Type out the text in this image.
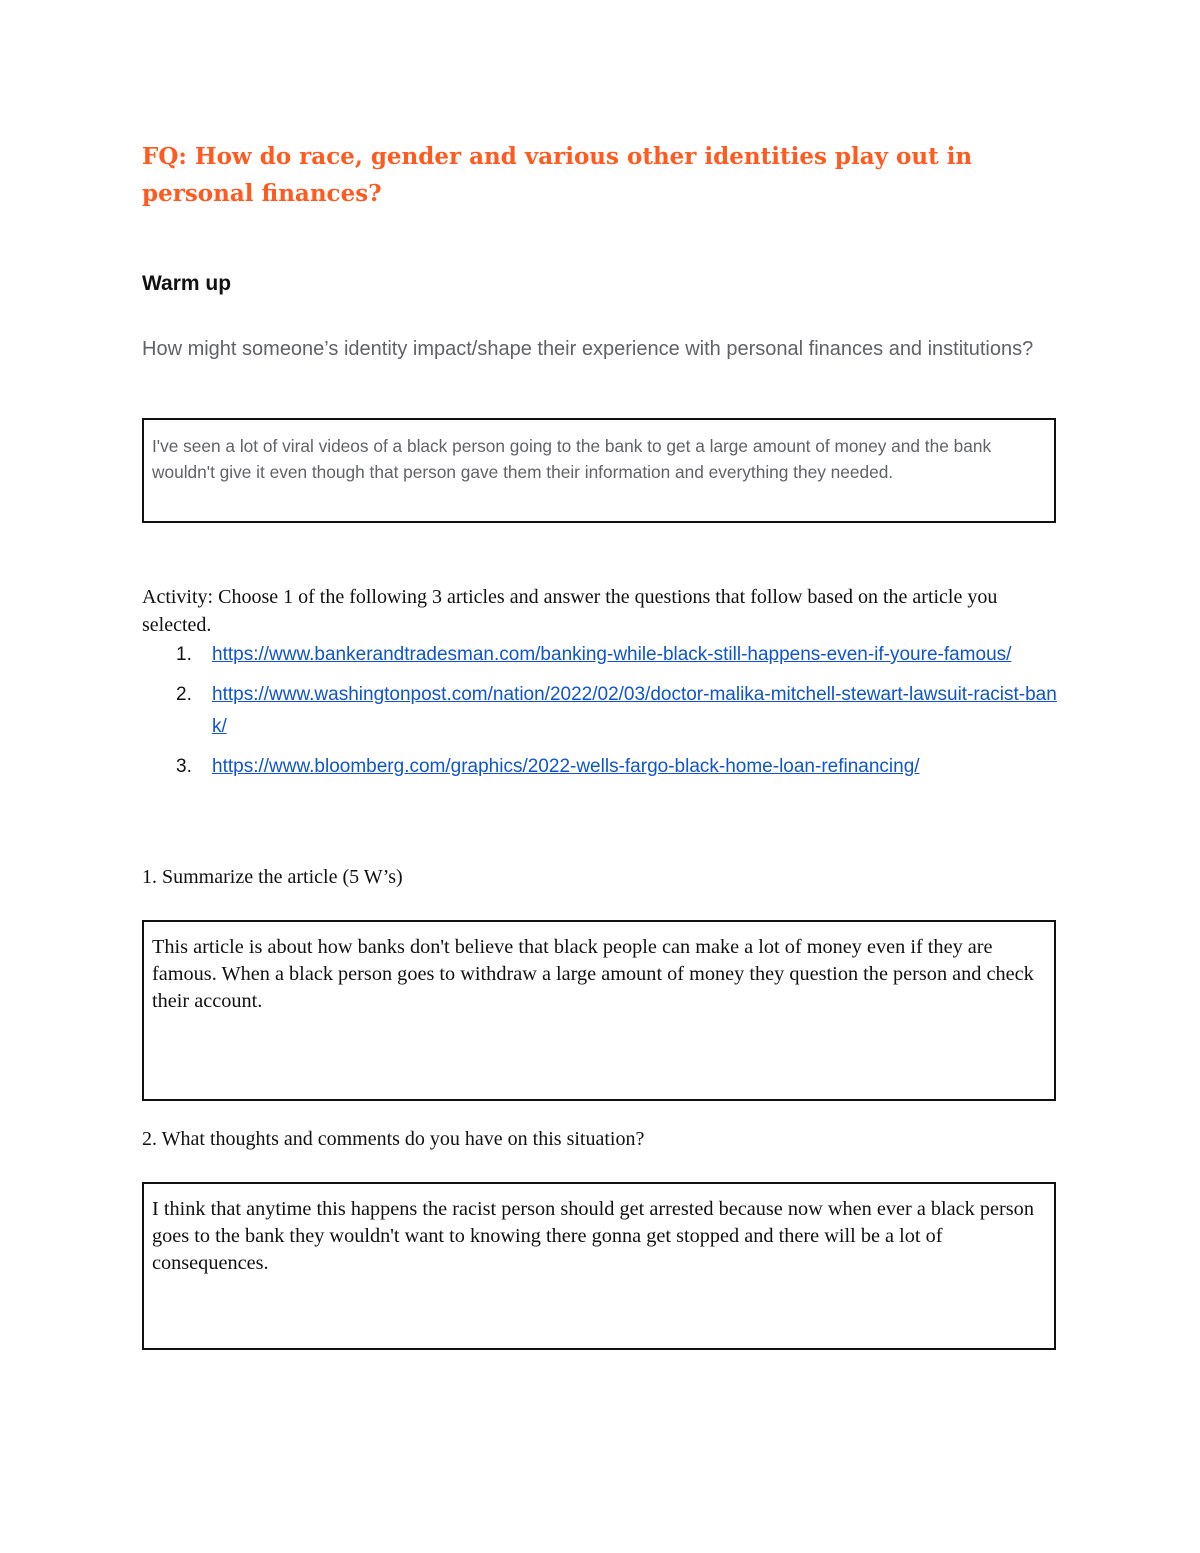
FQ: How do race, gender and various other identities play out in personal finances?
Warm up

How might someone’s identity impact/shape their experience with personal finances and institutions?

I've seen a lot of viral videos of a black person going to the bank to get a large amount of money and the bank wouldn't give it even though that person gave them their information and everything they needed.

Activity: Choose 1 of the following 3 articles and answer the questions that follow based on the article you selected.

1. https://www.bankerandtradesman.com/banking-while-black-still-happens-even-if-youre-famous/
2. https://www.washingtonpost.com/nation/2022/02/03/doctor-malika-mitchell-stewart-lawsuit-racist-bank/
3. https://www.bloomberg.com/graphics/2022-wells-fargo-black-home-loan-refinancing/

1. Summarize the article (5 W’s)

This article is about how banks don't believe that black people can make a lot of money even if they are famous. When a black person goes to withdraw a large amount of money they question the person and check their account.

2. What thoughts and comments do you have on this situation?

I think that anytime this happens the racist person should get arrested because now when ever a black person goes to the bank they wouldn't want to knowing there gonna get stopped and there will be a lot of consequences.
